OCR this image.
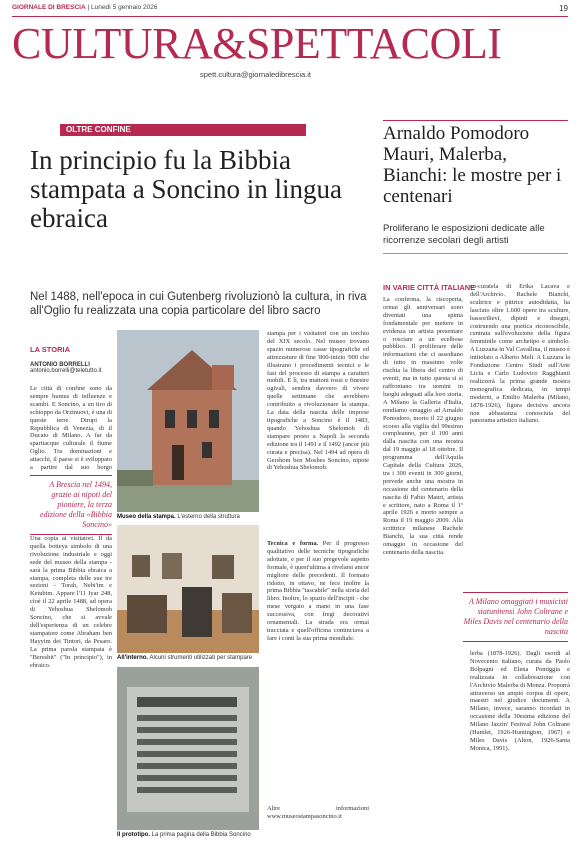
GIORNALE DI BRESCIA | Lunedì 5 gennaio 2026	19
CULTURA&SPETTACOLI
spett.cultura@giornaledibrescia.it
OLTRE CONFINE
In principio fu la Bibbia stampata a Soncino in lingua ebraica
Nel 1488, nell'epoca in cui Gutenberg rivoluzionò la cultura, in riva all'Oglio fu realizzata una copia particolare del libro sacro
Arnaldo Pomodoro Mauri, Malerba, Bianchi: le mostre per i centenari
Proliferano le esposizioni dedicate alle ricorrenze secolari degli artisti
LA STORIA
ANTONIO BORRELLI
antonio.borrelli@teletutto.it
Le città di confine sono da sempre humus di influenze e scambi. E Soncino, a un tiro di schioppo da Orzinuovi, è una di queste terre. Dirupi la Repubblica di Venezia, di il Ducato di Milano. A far da spartiacque culturale il fiume Oglio. Tra dominazioni e attacchi, il paese si è sviluppato a partire dal suo borgo
A Brescia nel 1494, grazie ai nipoti del pioniere, la terza edizione della «Bibbia Soncino»
Una copia ai visitatori. Il da quella botteya simbolo di una rivoluzione industriale e oggi sede del museo della stampa - sarà la prima Bibbia ebraica a stampa, completa delle sue tre sezioni - Torah, Nebi'im e Ketubim. Appare l'11 Iyar 248, cioè il 22 aprile 1488, ad opera di Yehoshua Shelomoh Soncino, che si avvale dell'esperienza di un celebre stampatore come Abraham ben Hayyim dei Tintori, da Pesaro. La prima parola stampata è "Bereshit" ("In principio"), in ebraico.
Museo della stampa. L'esterno della struttura
All'interno. Alcuni strumenti utilizzati per stampare
Il prototipo. La prima pagina della Bibbia Soncino
stampa per i visitatori con un torchio del XIX secolo. Nel museo trovano spazio numerose casse tipografiche ed attrezzature di fine '800-inizio '900 che illustrano i procedimenti tecnici e le fasi del processo di stampa a caratteri mobili. E lì, tra mattoni rossi e finestre ogivali, sembra davvero di vivere quelle settimane che avrebbero contribuito a rivoluzionare la stampa. La data della nascita delle imprese tipografiche a Soncino è il 1483, quando Yehoshua Shelomoh di stampare presto a Napoli la seconda edizione tra il 1491 e il 1492 (ancor più curata e precisa). Nel 1494 ad opera di Gershom ben Moshes Soncino, nipote di Yehoshua Shelomoh.
Tecnica e forma. Per il progresso qualitativo delle tecniche tipografiche adottate, e per il suo pregevole aspetto formale, è quest'ultima a rivelarsi ancor migliore delle precedenti. Il formato ridotto, in ottavo, ne fece inoltre la prima Bibbia "tascabile" nella storia del libro. Inoltre, lo spazio dell'incipit - che mese vergato a mano in una fase successiva, con fregi decorativi ornamentali. La strada era ormai tracciata e quell'officina cominciava a fare i conti la sua prima mondiale.
Altre informazioni www.museostampasoncino.it
IN VARIE CITTÀ ITALIANE
La conferma, la riscoperta, ormai gli anniversari sono diventati una spinta fondamentale per mettere in evidenza un artista presentare o rosciare a un ecelbose pubblico. Il proliferare delle informazioni che ci assediano di tutto in massimo volte rischia la libera del centro di eventi, ma in tutto questa si si raffrontano tra uomini in luoghi adeguati alla loro storia. A Milano la Galleria d'Italia, rendiamo omaggio ad Arnaldo Pomodoro, morto il 22 giugno scorso alla vigilia del 99esimo compleanno, per il 100 anni dalla nascita con una mostra dal 19 maggio al 18 ottobre. Il programma dell'Aquila Capitale della Cultura 2026, tra i 300 eventi in 300 giorni, prevede anche una mostra in occasione del centenario della nascita di Fabio Mauri, artista e scrittore, nato a Roma il 1º aprile 1926 e morto sempre a Roma il 19 maggio 2009. Alla scrittrice milanese Rachele Bianchi, la sua città rende omaggio in occasione del centenario della nascita.
co-curatela di Erika Lacava e dell'Archivio. Rachele Bianchi, scultrice e pittrice autodidatta, ha lasciato oltre 1.600 opere tra sculture, bassorilievi, dipinti e disegni, costruendo una poetica riconoscibile, centrata sull'evoluzione della figura femminile come archetipo e simbolo. A Luzzana in Val Cavallina, il museo è intitolato a Alberto Meli. A Luzzara la Fondazione Centro Studi sull'Arte Licia e Carlo Ludovico Ragghianti realizzerà la prima grande mostra monografica dedicata, in tempi moderni, a Emilio Malerba (Milano, 1878-1926), figura decisiva ancora non abbastanza conosciuta del panorama artistico italiano.
A Milano omaggiati i musicisti statunitensi John Coltrane e Miles Davis nel centenario della nascita
lerba (1878-1926). Dagli esordi al Novecento italiano, curata da Paolo Bolpagni ed Elena Pontiggia e realizzata in collaborazione con l'Archivio Malerba di Monza. Proporrà attraverso un ampio corpus di opere, maestri nel giudice documenti. A Milano, invece, saranno ricordati in occasione della 30esima edizione del Milano Jazzin' Festival John Coltrane (Hamlet, 1926-Huntington, 1967) e Miles Davis (Alton, 1926-Santa Monica, 1991).
